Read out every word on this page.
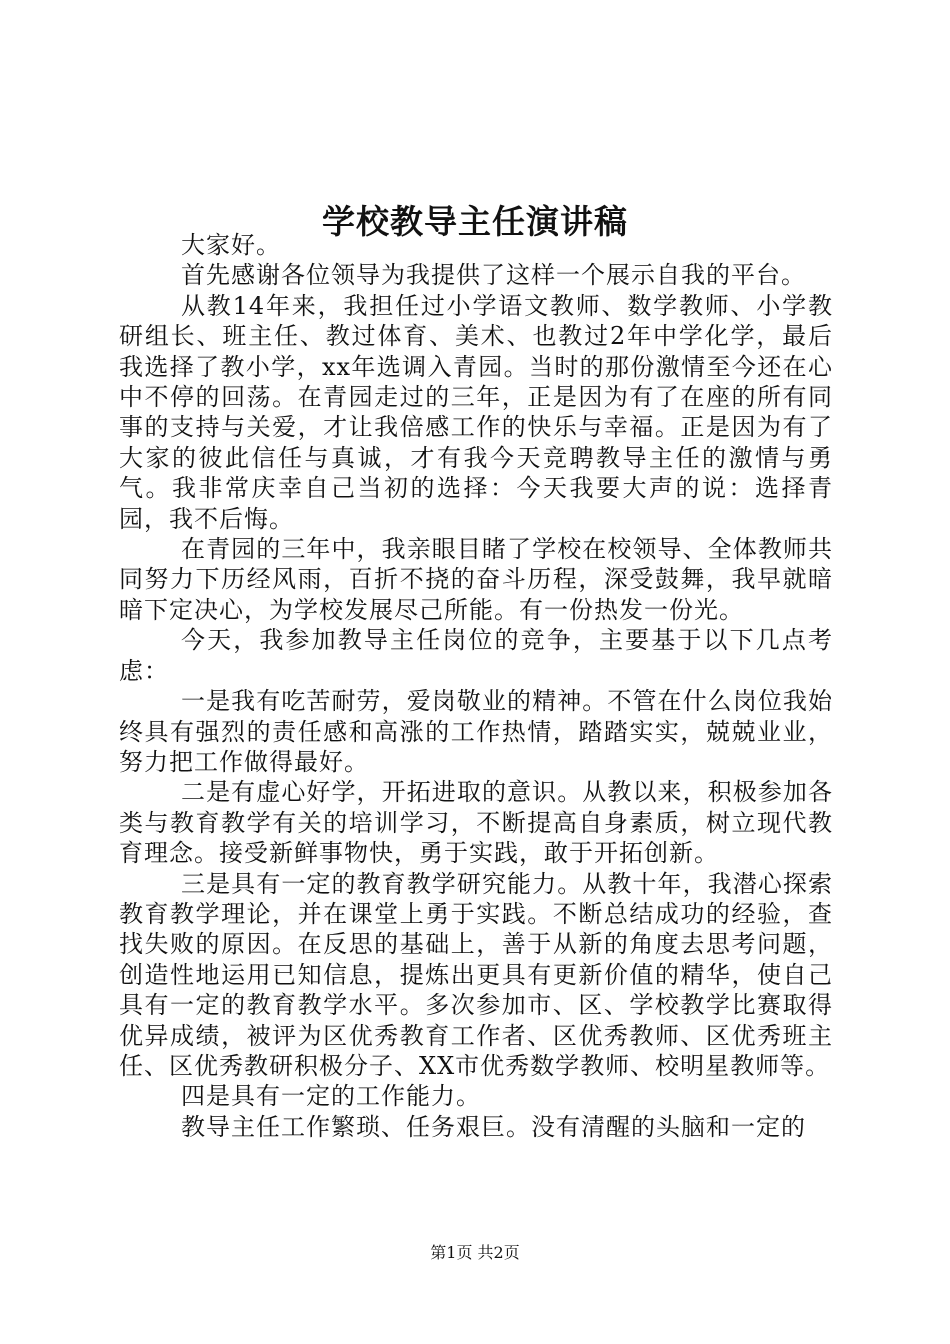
学校教导主任演讲稿

大家好。

首先感谢各位领导为我提供了这样一个展示自我的平台。

从教14年来，我担任过小学语文教师、数学教师、小学教研组长、班主任、教过体育、美术、也教过2年中学化学，最后我选择了教小学，xx年选调入青园。当时的那份激情至今还在心中不停的回荡。在青园走过的三年，正是因为有了在座的所有同事的支持与关爱，才让我倍感工作的快乐与幸福。正是因为有了大家的彼此信任与真诚，才有我今天竞聘教导主任的激情与勇气。我非常庆幸自己当初的选择：今天我要大声的说：选择青园，我不后悔。

在青园的三年中，我亲眼目睹了学校在校领导、全体教师共同努力下历经风雨，百折不挠的奋斗历程，深受鼓舞，我早就暗暗下定决心，为学校发展尽己所能。有一份热发一份光。

今天，我参加教导主任岗位的竞争，主要基于以下几点考虑：

一是我有吃苦耐劳，爱岗敬业的精神。不管在什么岗位我始终具有强烈的责任感和高涨的工作热情，踏踏实实，兢兢业业，努力把工作做得最好。

二是有虚心好学，开拓进取的意识。从教以来，积极参加各类与教育教学有关的培训学习，不断提高自身素质，树立现代教育理念。接受新鲜事物快，勇于实践，敢于开拓创新。

三是具有一定的教育教学研究能力。从教十年，我潜心探索教育教学理论，并在课堂上勇于实践。不断总结成功的经验，查找失败的原因。在反思的基础上，善于从新的角度去思考问题，创造性地运用已知信息，提炼出更具有更新价值的精华，使自己具有一定的教育教学水平。多次参加市、区、学校教学比赛取得优异成绩，被评为区优秀教育工作者、区优秀教师、区优秀班主任、区优秀教研积极分子、XX市优秀数学教师、校明星教师等。

四是具有一定的工作能力。

教导主任工作繁琐、任务艰巨。没有清醒的头脑和一定的

第1页 共2页
